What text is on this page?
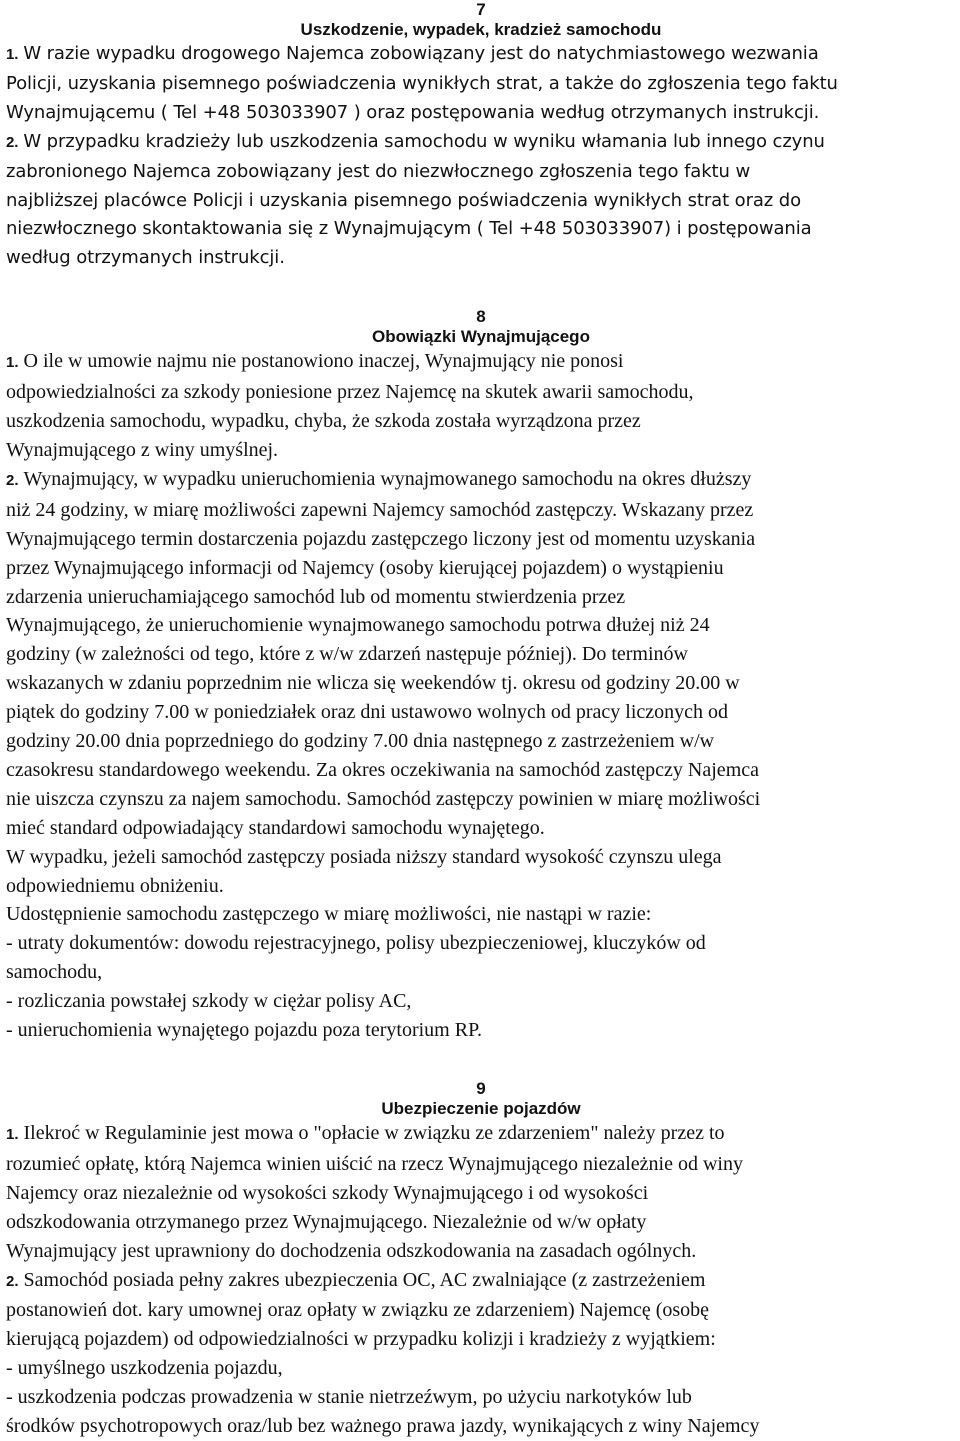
7

Uszkodzenie, wypadek, kradzież samochodu

1. W razie wypadku drogowego Najemca zobowiązany jest do natychmiastowego wezwania
Policji, uzyskania pisemnego poświadczenia wynikłych strat, a także do zgłoszenia tego faktu
Wynajmującemu ( Tel +48 503033907 ) oraz postępowania według otrzymanych instrukcji.
2. W przypadku kradzieży lub uszkodzenia samochodu w wyniku włamania lub innego czynu
zabronionego Najemca zobowiązany jest do niezwłocznego zgłoszenia tego faktu w
najbliższej placówce Policji i uzyskania pisemnego poświadczenia wynikłych strat oraz do
niezwłocznego skontaktowania się z Wynajmującym ( Tel +48 503033907) i postępowania
według otrzymanych instrukcji.

8

Obowiązki Wynajmującego

1. O ile w umowie najmu nie postanowiono inaczej, Wynajmujący nie ponosi
odpowiedzialności za szkody poniesione przez Najemcę na skutek awarii samochodu,
uszkodzenia samochodu, wypadku, chyba, że szkoda została wyrządzona przez
Wynajmującego z winy umyślnej.
2. Wynajmujący, w wypadku unieruchomienia wynajmowanego samochodu na okres dłuższy
niż 24 godziny, w miarę możliwości zapewni Najemcy samochód zastępczy. Wskazany przez
Wynajmującego termin dostarczenia pojazdu zastępczego liczony jest od momentu uzyskania
przez Wynajmującego informacji od Najemcy (osoby kierującej pojazdem) o wystąpieniu
zdarzenia unieruchamiającego samochód lub od momentu stwierdzenia przez
Wynajmującego, że unieruchomienie wynajmowanego samochodu potrwa dłużej niż 24
godziny (w zależności od tego, które z w/w zdarzeń następuje później). Do terminów
wskazanych w zdaniu poprzednim nie wlicza się weekendów tj. okresu od godziny 20.00 w
piątek do godziny 7.00 w poniedziałek oraz dni ustawowo wolnych od pracy liczonych od
godziny 20.00 dnia poprzedniego do godziny 7.00 dnia następnego z zastrzeżeniem w/w
czasokresu standardowego weekendu. Za okres oczekiwania na samochód zastępczy Najemca
nie uiszcza czynszu za najem samochodu. Samochód zastępczy powinien w miarę możliwości
mieć standard odpowiadający standardowi samochodu wynajętego.
W wypadku, jeżeli samochód zastępczy posiada niższy standard wysokość czynszu ulega
odpowiedniemu obniżeniu.
Udostępnienie samochodu zastępczego w miarę możliwości, nie nastąpi w razie:
- utraty dokumentów: dowodu rejestracyjnego, polisy ubezpieczeniowej, kluczyków od
samochodu,
- rozliczania powstałej szkody w ciężar polisy AC,
- unieruchomienia wynajętego pojazdu poza terytorium RP.

9

Ubezpieczenie pojazdów

1. Ilekroć w Regulaminie jest mowa o "opłacie w związku ze zdarzeniem" należy przez to
rozumieć opłatę, którą Najemca winien uiścić na rzecz Wynajmującego niezależnie od winy
Najemcy oraz niezależnie od wysokości szkody Wynajmującego i od wysokości
odszkodowania otrzymanego przez Wynajmującego. Niezależnie od w/w opłaty
Wynajmujący jest uprawniony do dochodzenia odszkodowania na zasadach ogólnych.
2. Samochód posiada pełny zakres ubezpieczenia OC, AC zwalniające (z zastrzeżeniem
postanowień dot. kary umownej oraz opłaty w związku ze zdarzeniem) Najemcę (osobę
kierującą pojazdem) od odpowiedzialności w przypadku kolizji i kradzieży z wyjątkiem:
- umyślnego uszkodzenia pojazdu,
- uszkodzenia podczas prowadzenia w stanie nietrzeźwym, po użyciu narkotyków lub
środków psychotropowych oraz/lub bez ważnego prawa jazdy, wynikających z winy Najemcy
